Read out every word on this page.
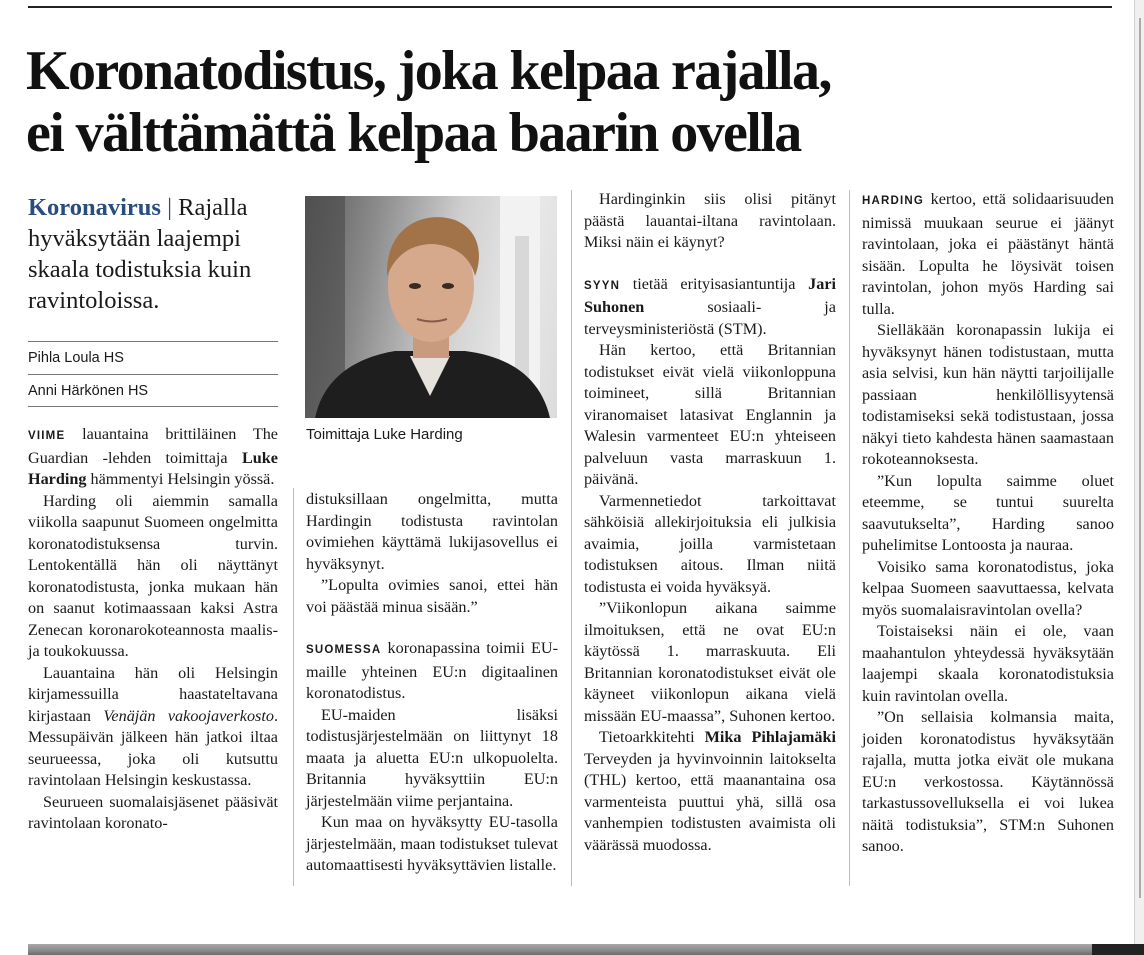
Koronatodistus, joka kelpaa rajalla,
ei välttämättä kelpaa baarin ovella
Koronavirus | Rajalla hyväksytään laajempi skaala todistuksia kuin ravintoloissa.
Pihla Loula HS
Anni Härkönen HS
Toimittaja Luke Harding

VIIME lauantaina brittiläinen The Guardian -lehden toimittaja Luke Harding hämmentyi Helsingin yössä.

Harding oli aiemmin samalla viikolla saapunut Suomeen ongelmitta koronatodistuksensa turvin. Lentokentällä hän oli näyttänyt koronatodistusta, jonka mukaan hän on saanut kotimaassaan kaksi Astra Zenecan koronarokoteannosta maalis- ja toukokuussa.

Lauantaina hän oli Helsingin kirjamessuilla haastateltavana kirjastaan Venäjän vakoojaverkosto. Messupäivän jälkeen hän jatkoi iltaa seurueessa, joka oli kutsuttu ravintolaan Helsingin keskustassa.

Seurueen suomalaisjäsenet pääsivät ravintolaan koronato-

distuksillaan ongelmitta, mutta Hardingin todistusta ravintolan ovimiehen käyttämä lukijasovellus ei hyväksynyt.

”Lopulta ovimies sanoi, ettei hän voi päästää minua sisään.”

SUOMESSA koronapassina toimii EU-maille yhteinen EU:n digitaalinen koronatodistus.

EU-maiden lisäksi todistusjärjestelmään on liittynyt 18 maata ja aluetta EU:n ulkopuolelta. Britannia hyväksyttiin EU:n järjestelmään viime perjantaina.

Kun maa on hyväksytty EU-tasolla järjestelmään, maan todistukset tulevat automaattisesti hyväksyttävien listalle.

Hardinginkin siis olisi pitänyt päästä lauantai-iltana ravintolaan. Miksi näin ei käynyt?

SYYN tietää erityisasiantuntija Jari Suhonen sosiaali- ja terveysministeriöstä (STM).

Hän kertoo, että Britannian todistukset eivät vielä viikonloppuna toimineet, sillä Britannian viranomaiset latasivat Englannin ja Walesin varmenteet EU:n yhteiseen palveluun vasta marraskuun 1. päivänä.

Varmennetiedot tarkoittavat sähköisiä allekirjoituksia eli julkisia avaimia, joilla varmistetaan todistuksen aitous. Ilman niitä todistusta ei voida hyväksyä.

”Viikonlopun aikana saimme ilmoituksen, että ne ovat EU:n käytössä 1. marraskuuta. Eli Britannian koronatodistukset eivät ole käyneet viikonlopun aikana vielä missään EU-maassa”, Suhonen kertoo.

Tietoarkkitehti Mika Pihlajamäki Terveyden ja hyvinvoinnin laitokselta (THL) kertoo, että maanantaina osa varmenteista puuttui yhä, sillä osa vanhempien todistusten avaimista oli väärässä muodossa.

HARDING kertoo, että solidaarisuuden nimissä muukaan seurue ei jäänyt ravintolaan, joka ei päästänyt häntä sisään. Lopulta he löysivät toisen ravintolan, johon myös Harding sai tulla.

Sielläkään koronapassin lukija ei hyväksynyt hänen todistustaan, mutta asia selvisi, kun hän näytti tarjoilijalle passiaan henkilöllisyytensä todistamiseksi sekä todistustaan, jossa näkyi tieto kahdesta hänen saamastaan rokoteannoksesta.

”Kun lopulta saimme oluet eteemme, se tuntui suurelta saavutukselta”, Harding sanoo puhelimitse Lontoosta ja nauraa.

Voisiko sama koronatodistus, joka kelpaa Suomeen saavuttaessa, kelvata myös suomalaisravintolan ovella?

Toistaiseksi näin ei ole, vaan maahantulon yhteydessä hyväksytään laajempi skaala koronatodistuksia kuin ravintolan ovella.

”On sellaisia kolmansia maita, joiden koronatodistus hyväksytään rajalla, mutta jotka eivät ole mukana EU:n verkostossa. Käytännössä tarkastussovelluksella ei voi lukea näitä todistuksia”, STM:n Suhonen sanoo.
